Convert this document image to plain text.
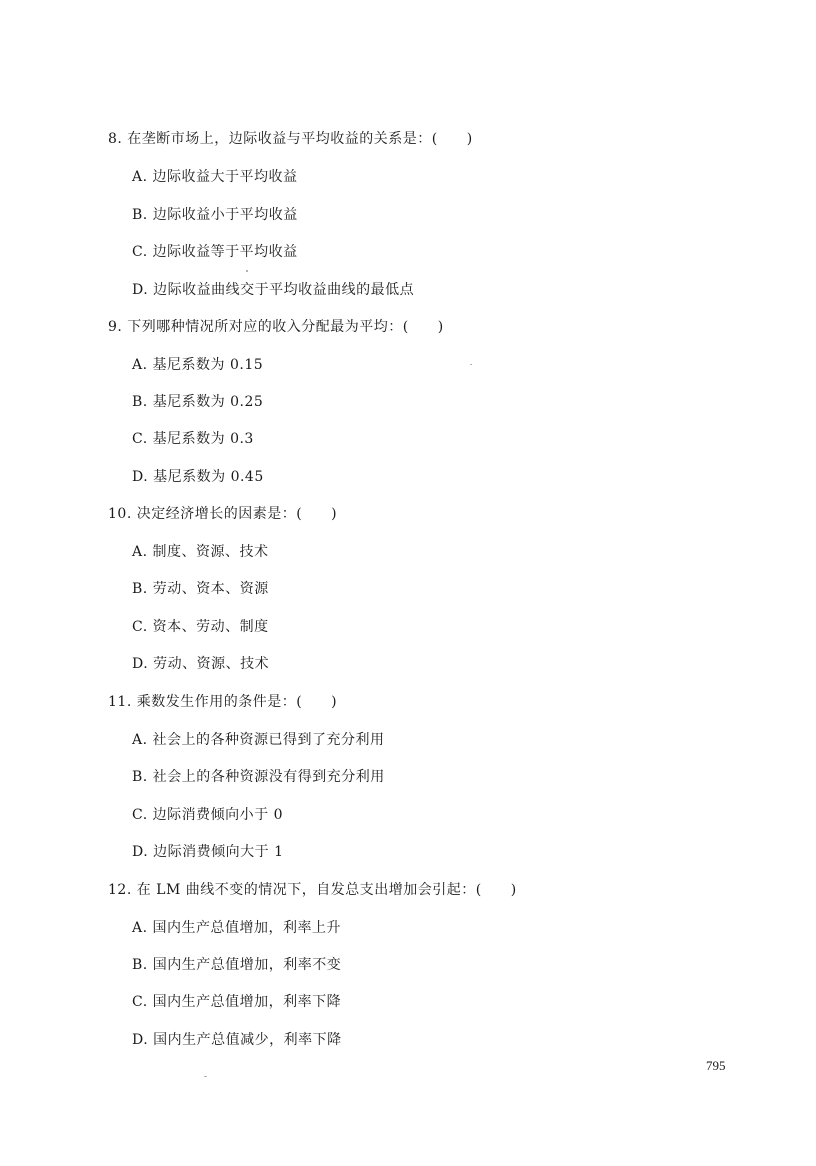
8. 在垄断市场上，边际收益与平均收益的关系是：(　　)
A. 边际收益大于平均收益
B. 边际收益小于平均收益
C. 边际收益等于平均收益
D. 边际收益曲线交于平均收益曲线的最低点
9. 下列哪种情况所对应的收入分配最为平均：(　　)
A. 基尼系数为 0.15
B. 基尼系数为 0.25
C. 基尼系数为 0.3
D. 基尼系数为 0.45
10. 决定经济增长的因素是：(　　)
A. 制度、资源、技术
B. 劳动、资本、资源
C. 资本、劳动、制度
D. 劳动、资源、技术
11. 乘数发生作用的条件是：(　　)
A. 社会上的各种资源已得到了充分利用
B. 社会上的各种资源没有得到充分利用
C. 边际消费倾向小于 0
D. 边际消费倾向大于 1
12. 在 LM 曲线不变的情况下，自发总支出增加会引起：(　　)
A. 国内生产总值增加，利率上升
B. 国内生产总值增加，利率不变
C. 国内生产总值增加，利率下降
D. 国内生产总值减少，利率下降
795
